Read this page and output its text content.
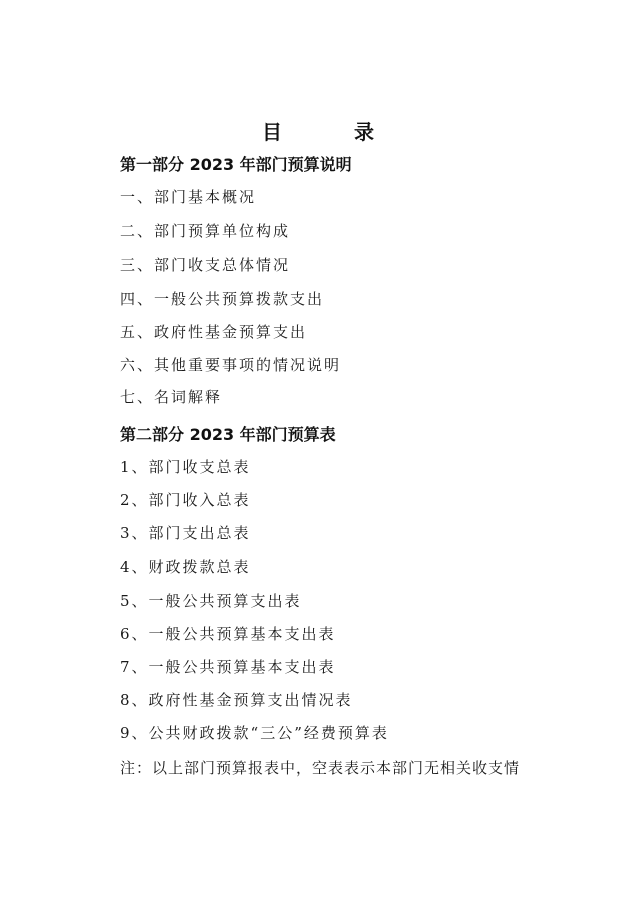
目　录
第一部分 2023 年部门预算说明
一、部门基本概况
二、部门预算单位构成
三、部门收支总体情况
四、一般公共预算拨款支出
五、政府性基金预算支出
六、其他重要事项的情况说明
七、名词解释
第二部分 2023 年部门预算表
1、部门收支总表
2、部门收入总表
3、部门支出总表
4、财政拨款总表
5、一般公共预算支出表
6、一般公共预算基本支出表
7、一般公共预算基本支出表
8、政府性基金预算支出情况表
9、公共财政拨款“三公”经费预算表
注：以上部门预算报表中，空表表示本部门无相关收支情
